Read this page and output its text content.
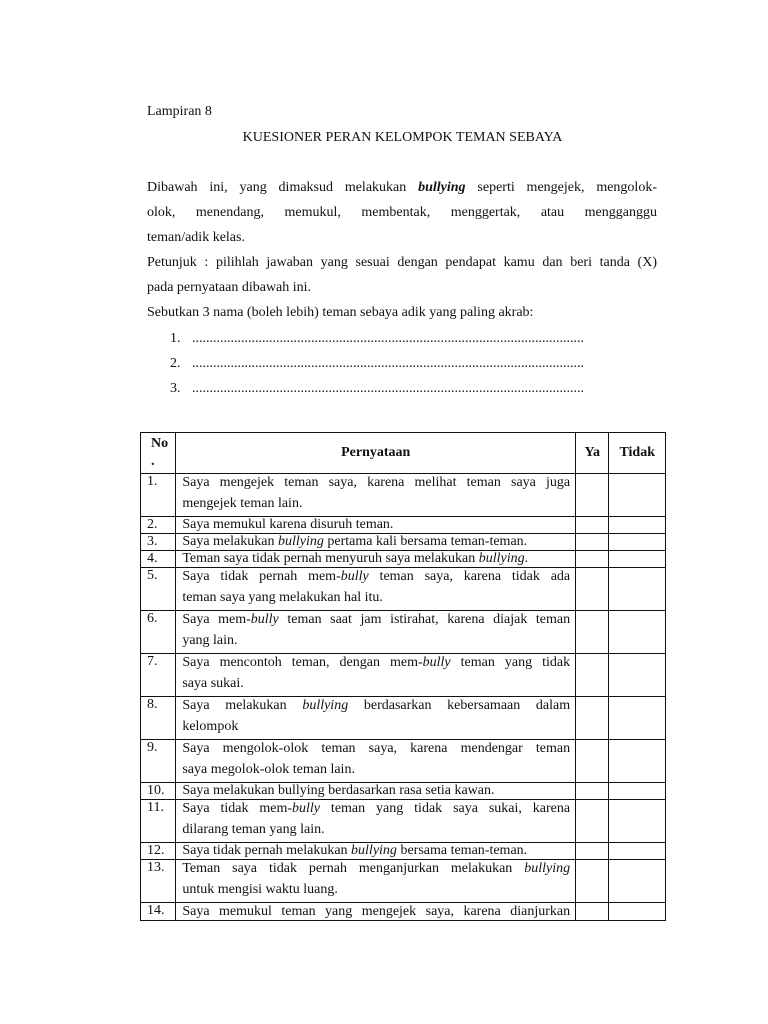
Lampiran 8
KUESIONER PERAN KELOMPOK TEMAN SEBAYA
Dibawah ini, yang dimaksud melakukan bullying seperti mengejek, mengolok-
olok, menendang, memukul, membentak, menggertak, atau mengganggu
teman/adik kelas.
Petunjuk : pilihlah jawaban yang sesuai dengan pendapat kamu dan beri tanda (X)
pada pernyataan dibawah ini.
Sebutkan 3 nama (boleh lebih) teman sebaya adik yang paling akrab:
1. ................................................................................................................
2. ................................................................................................................
3. ................................................................................................................
No
.	Pernyataan	Ya	Tidak
1.	Saya mengejek teman saya, karena melihat teman saya juga
mengejek teman lain.		

2.	Saya memukul karena disuruh teman.		

3.	Saya melakukan bullying pertama kali bersama teman-teman.		

4.	Teman saya tidak pernah menyuruh saya melakukan bullying.		

5.	Saya tidak pernah mem-bully teman saya, karena tidak ada
teman saya yang melakukan hal itu.		

6.	Saya mem-bully teman saat jam istirahat, karena diajak teman
yang lain.		

7.	Saya mencontoh teman, dengan mem-bully teman yang tidak
saya sukai.		

8.	Saya melakukan bullying berdasarkan kebersamaan dalam
kelompok		

9.	Saya mengolok-olok teman saya, karena mendengar teman
saya megolok-olok teman lain.		

10.	Saya melakukan bullying berdasarkan rasa setia kawan.		

11.	Saya tidak mem-bully teman yang tidak saya sukai, karena
dilarang teman yang lain.		

12.	Saya tidak pernah melakukan bullying bersama teman-teman.		

13.	Teman saya tidak pernah menganjurkan melakukan bullying
untuk mengisi waktu luang.		

14.	Saya memukul teman yang mengejek saya, karena dianjurkan		
